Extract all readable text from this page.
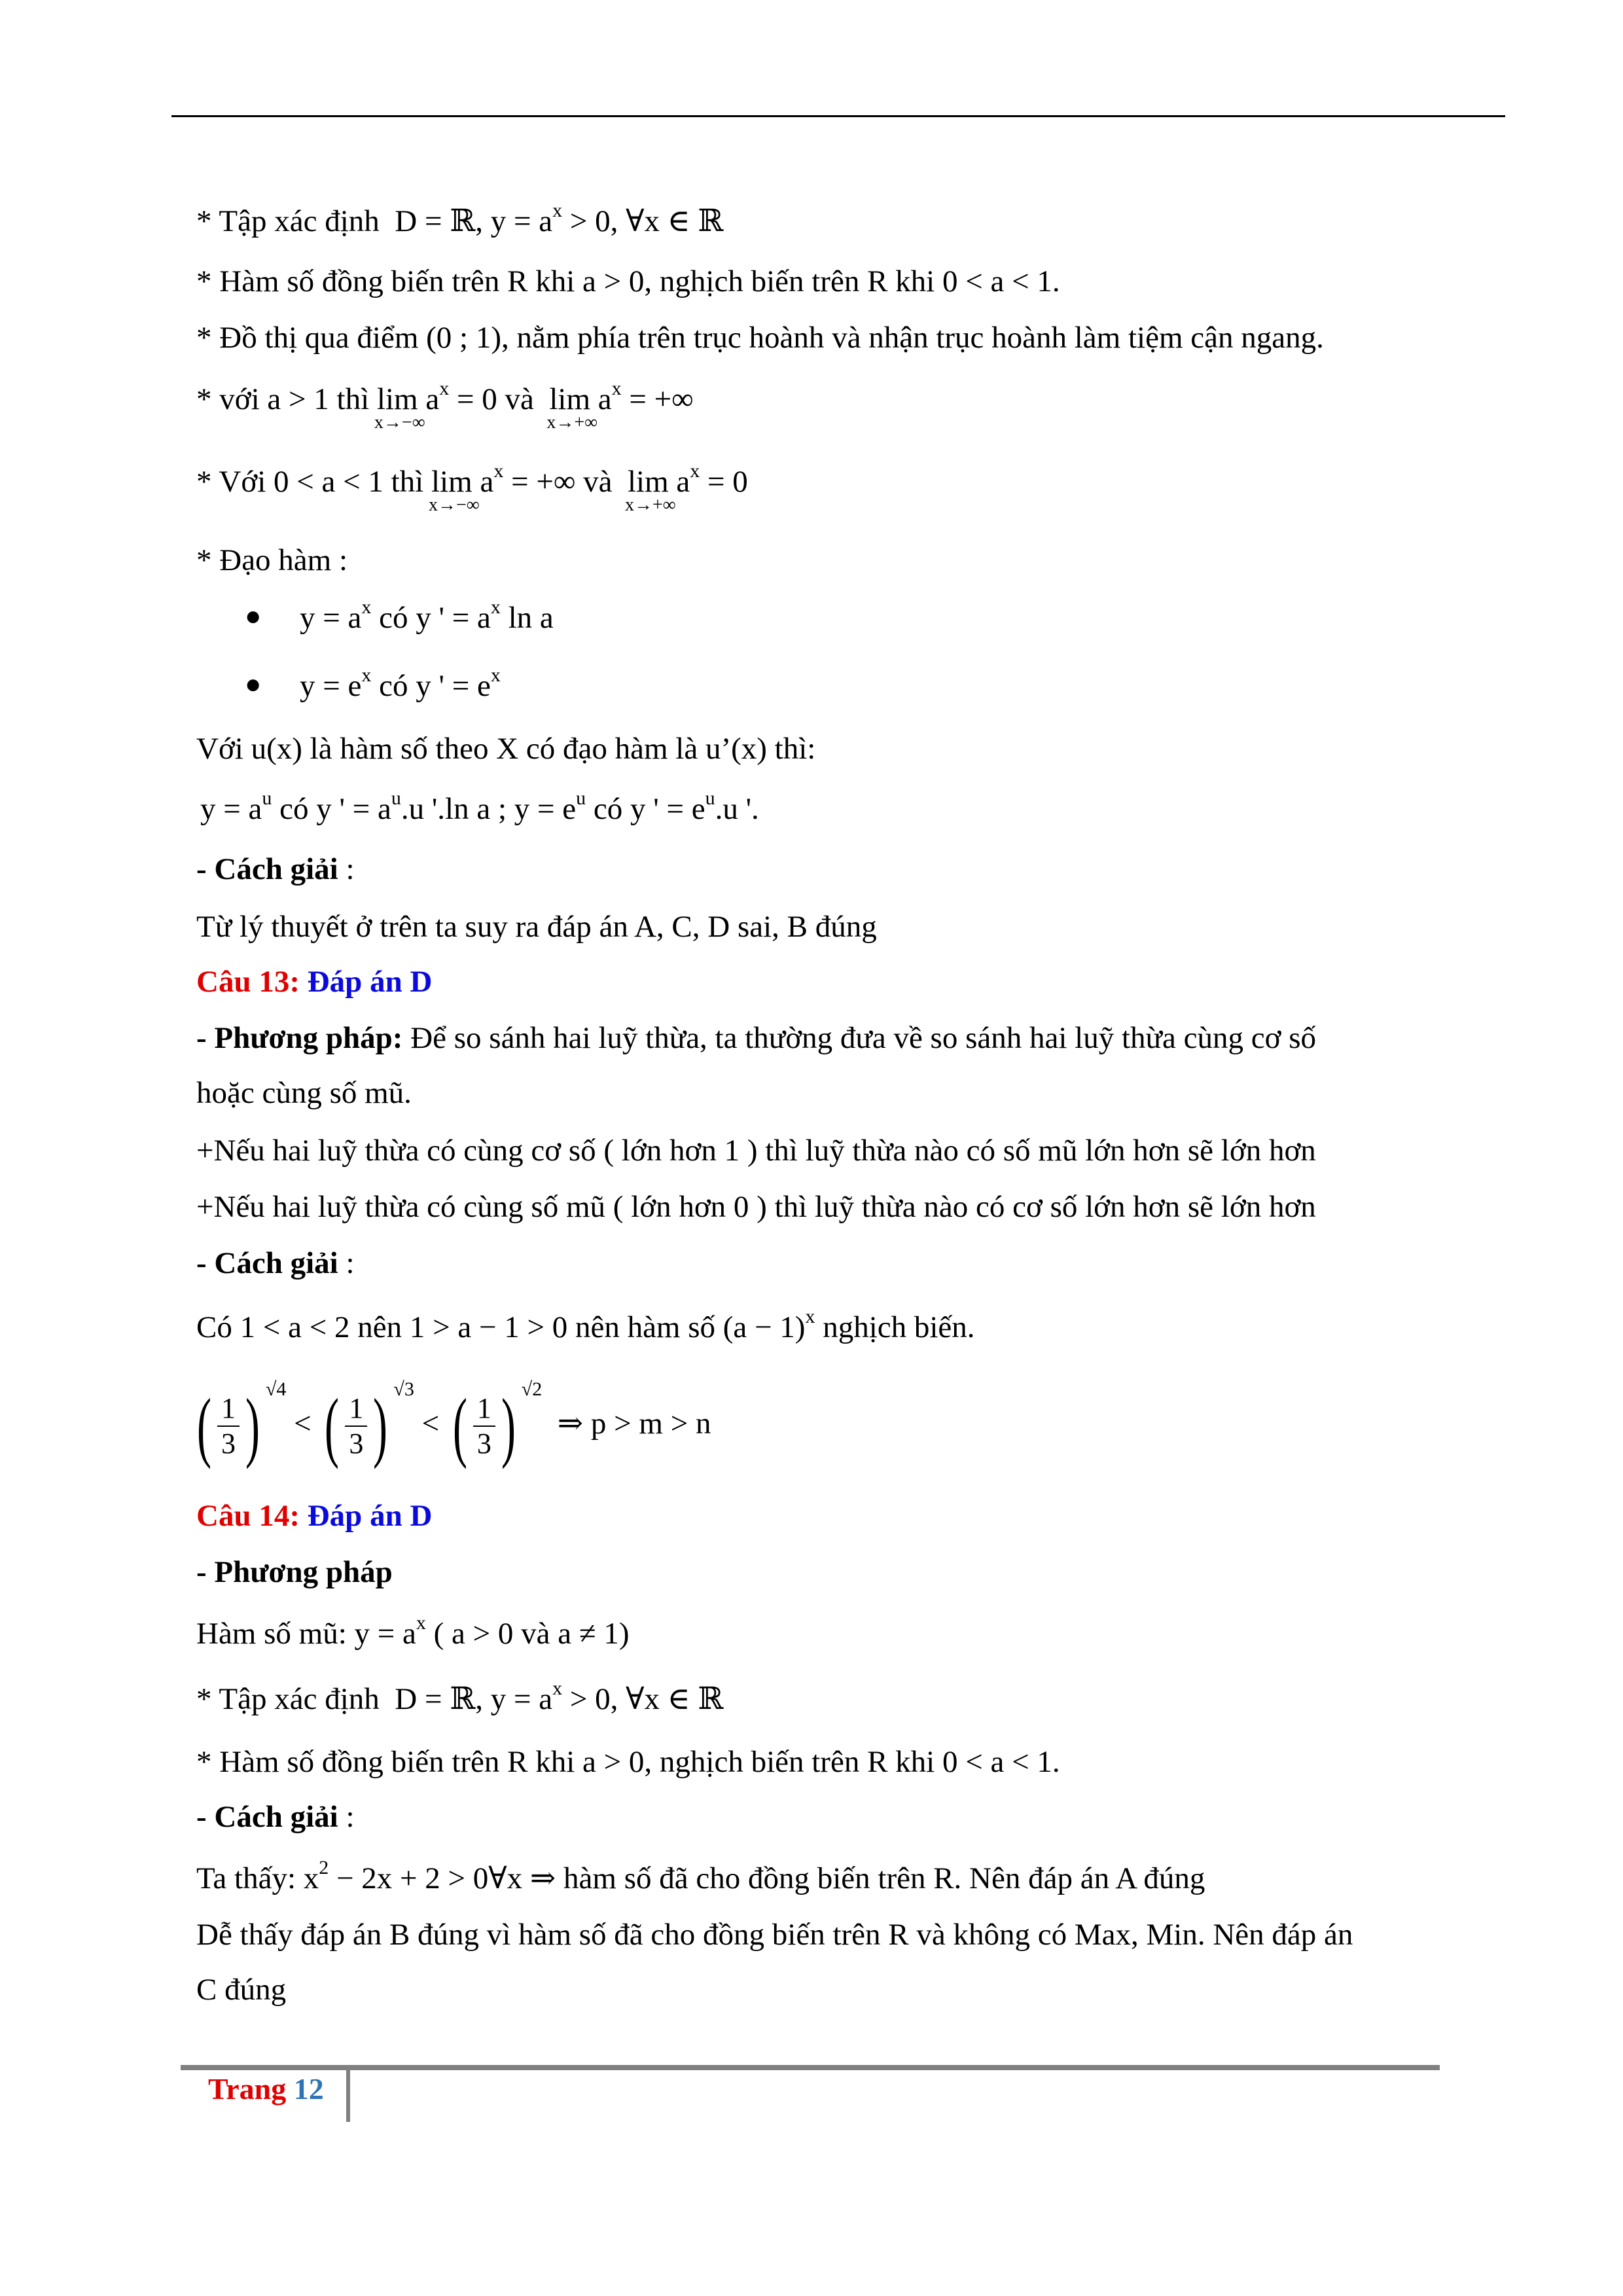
* Tập xác định D = ℝ, $y = a^x > 0$, ∀x ∈ ℝ
* Hàm số đồng biến trên R khi a > 0, nghịch biến trên R khi 0 < a < 1.
* Đồ thị qua điểm (0 ; 1), nằm phía trên trục hoành và nhận trục hoành làm tiệm cận ngang.
* với a > 1 thì lim
x→−∞
$a^x = 0$ và lim
x→+∞
$a^x$ = +∞
* Với 0 < a < 1 thì lim
x→−∞
$a^x$ = +∞ và lim
x→+∞
$a^x = 0$
* Đạo hàm :
● $y = a^x$ có y ' = $a^x$ ln a
● $y = e^x$ có y ' = $e^x$
Với u(x) là hàm số theo X có đạo hàm là u’(x) thì:
$y = a^u$ có y ' = $a^u.u$ '.ln a ; $y = e^u$ có y ' = $e^u.u$ '.
- Cách giải :
Từ lý thuyết ở trên ta suy ra đáp án A, C, D sai, B đúng
Câu 13: Đáp án D
- Phương pháp: Để so sánh hai luỹ thừa, ta thường đưa về so sánh hai luỹ thừa cùng cơ số
hoặc cùng số mũ.
+Nếu hai luỹ thừa có cùng cơ số ( lớn hơn 1 ) thì luỹ thừa nào có số mũ lớn hơn sẽ lớn hơn
+Nếu hai luỹ thừa có cùng số mũ ( lớn hơn 0 ) thì luỹ thừa nào có cơ số lớn hơn sẽ lớn hơn
- Cách giải :
Có 1 < a < 2 nên 1 > a − 1 > 0 nên hàm số $(a - 1)^x$ nghịch biến.
( $\frac{1}{3}$ ) $^{√4}$ < ( $\frac{1}{3}$ ) $^{√3}$ < ( $\frac{1}{3}$ ) $^{√2}$  ⇒ p > m > n
Câu 14: Đáp án D
- Phương pháp
Hàm số mũ: $y = a^x$ ( a > 0 và a ≠ 1)
* Tập xác định D = ℝ, $y = a^x > 0$, ∀x ∈ ℝ
* Hàm số đồng biến trên R khi a > 0, nghịch biến trên R khi 0 < a < 1.
- Cách giải :
Ta thấy: $x^2 - 2x + 2$ > 0∀x ⇒ hàm số đã cho đồng biến trên R. Nên đáp án A đúng
Dễ thấy đáp án B đúng vì hàm số đã cho đồng biến trên R và không có Max, Min. Nên đáp án
C đúng
Trang 12
